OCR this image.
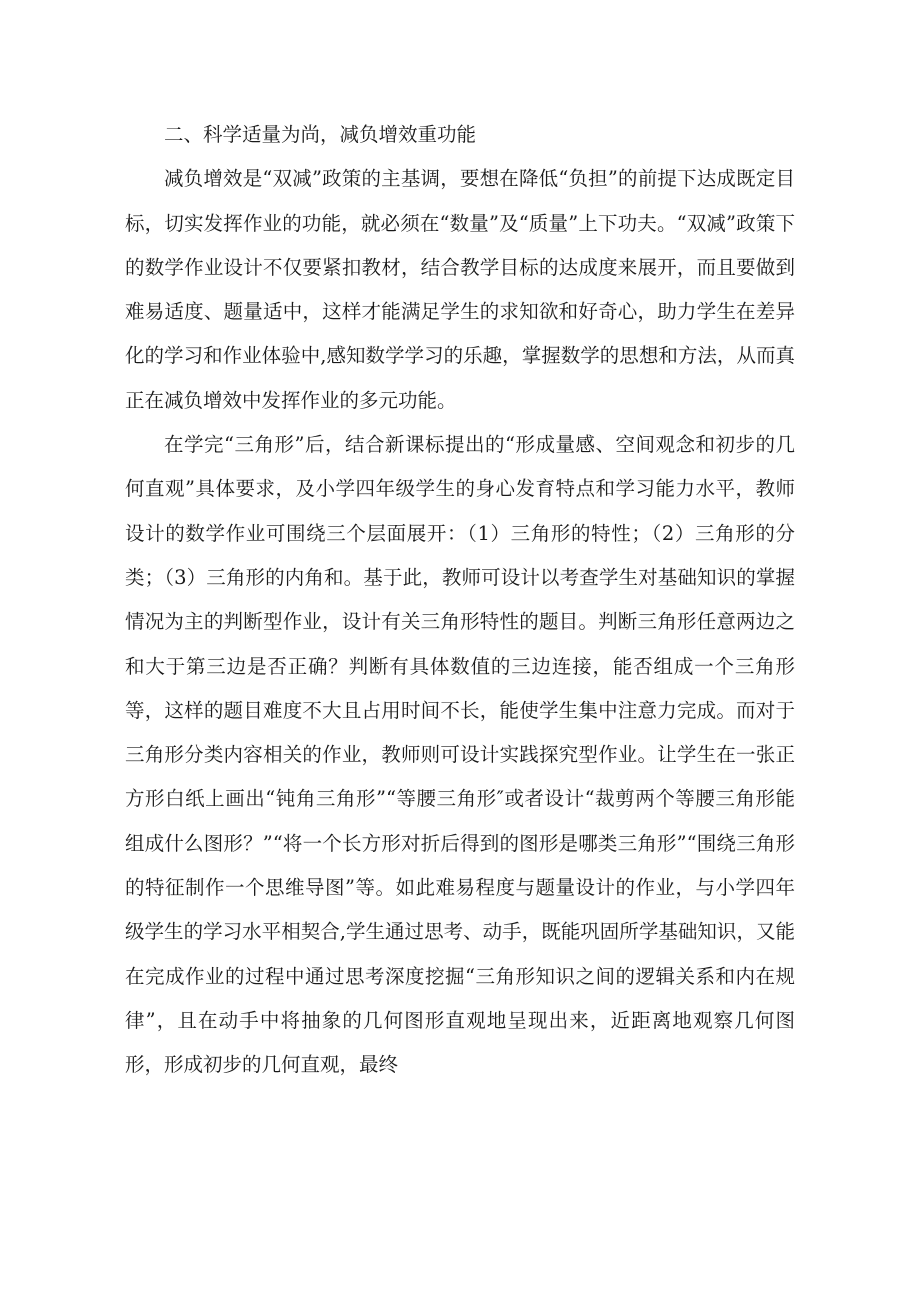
二、科学适量为尚，减负增效重功能

减负增效是“双减”政策的主基调，要想在降低“负担”的前提下达成既定目标，切实发挥作业的功能，就必须在“数量”及“质量”上下功夫。“双减”政策下的数学作业设计不仅要紧扣教材，结合教学目标的达成度来展开，而且要做到难易适度、题量适中，这样才能满足学生的求知欲和好奇心，助力学生在差异化的学习和作业体验中,感知数学学习的乐趣，掌握数学的思想和方法，从而真正在减负增效中发挥作业的多元功能。

在学完“三角形”后，结合新课标提出的“形成量感、空间观念和初步的几何直观”具体要求，及小学四年级学生的身心发育特点和学习能力水平，教师设计的数学作业可围绕三个层面展开：（1）三角形的特性；（2）三角形的分类；（3）三角形的内角和。基于此，教师可设计以考查学生对基础知识的掌握情况为主的判断型作业，设计有关三角形特性的题目。判断三角形任意两边之和大于第三边是否正确？判断有具体数值的三边连接，能否组成一个三角形等，这样的题目难度不大且占用时间不长，能使学生集中注意力完成。而对于三角形分类内容相关的作业，教师则可设计实践探究型作业。让学生在一张正方形白纸上画出“钝角三角形”“等腰三角形″或者设计“裁剪两个等腰三角形能组成什么图形？”“将一个长方形对折后得到的图形是哪类三角形”“围绕三角形的特征制作一个思维导图”等。如此难易程度与题量设计的作业，与小学四年级学生的学习水平相契合,学生通过思考、动手，既能巩固所学基础知识，又能在完成作业的过程中通过思考深度挖掘“三角形知识之间的逻辑关系和内在规律”，且在动手中将抽象的几何图形直观地呈现出来，近距离地观察几何图形，形成初步的几何直观，最终
